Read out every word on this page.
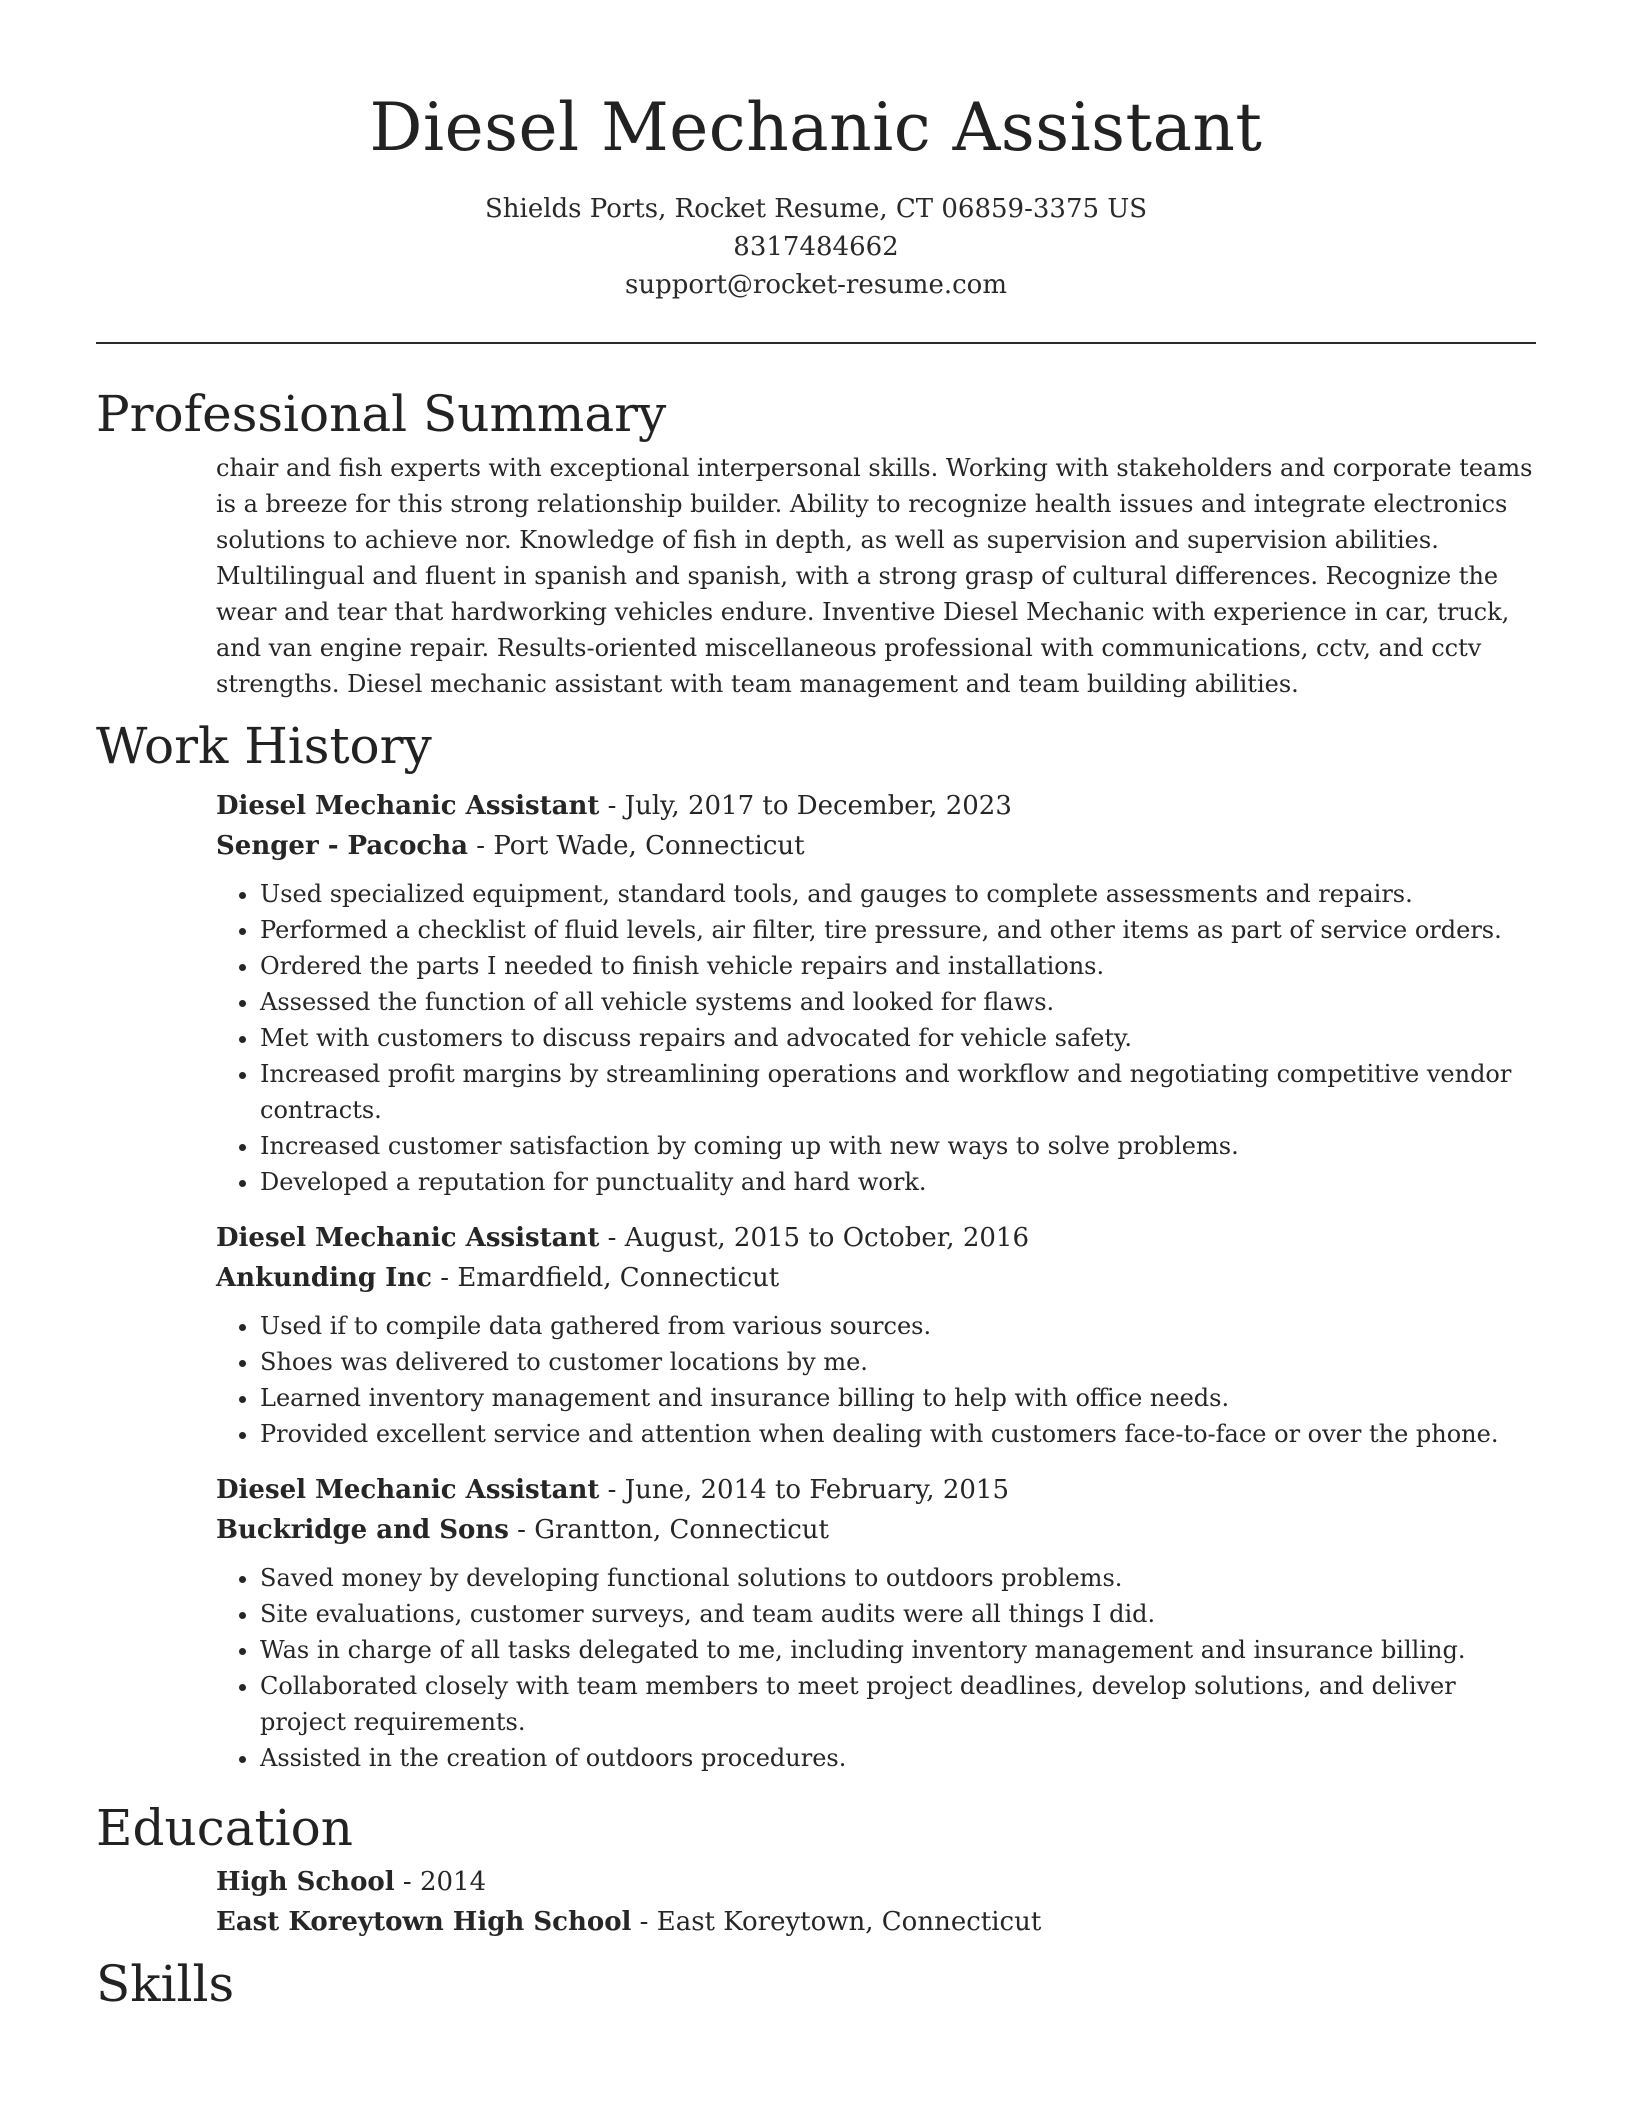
Diesel Mechanic Assistant
Shields Ports, Rocket Resume, CT 06859-3375 US
8317484662
support@rocket-resume.com
Professional Summary

chair and fish experts with exceptional interpersonal skills. Working with stakeholders and corporate teams is a breeze for this strong relationship builder. Ability to recognize health issues and integrate electronics solutions to achieve nor. Knowledge of fish in depth, as well as supervision and supervision abilities. Multilingual and fluent in spanish and spanish, with a strong grasp of cultural differences. Recognize the wear and tear that hardworking vehicles endure. Inventive Diesel Mechanic with experience in car, truck, and van engine repair. Results-oriented miscellaneous professional with communications, cctv, and cctv strengths. Diesel mechanic assistant with team management and team building abilities.

Work History
Diesel Mechanic Assistant - July, 2017 to December, 2023
Senger - Pacocha - Port Wade, Connecticut
• Used specialized equipment, standard tools, and gauges to complete assessments and repairs.
• Performed a checklist of fluid levels, air filter, tire pressure, and other items as part of service orders.
• Ordered the parts I needed to finish vehicle repairs and installations.
• Assessed the function of all vehicle systems and looked for flaws.
• Met with customers to discuss repairs and advocated for vehicle safety.
• Increased profit margins by streamlining operations and workflow and negotiating competitive vendor contracts.
• Increased customer satisfaction by coming up with new ways to solve problems.
• Developed a reputation for punctuality and hard work.
Diesel Mechanic Assistant - August, 2015 to October, 2016
Ankunding Inc - Emardfield, Connecticut
• Used if to compile data gathered from various sources.
• Shoes was delivered to customer locations by me.
• Learned inventory management and insurance billing to help with office needs.
• Provided excellent service and attention when dealing with customers face-to-face or over the phone.
Diesel Mechanic Assistant - June, 2014 to February, 2015
Buckridge and Sons - Grantton, Connecticut
• Saved money by developing functional solutions to outdoors problems.
• Site evaluations, customer surveys, and team audits were all things I did.
• Was in charge of all tasks delegated to me, including inventory management and insurance billing.
• Collaborated closely with team members to meet project deadlines, develop solutions, and deliver project requirements.
• Assisted in the creation of outdoors procedures.
Education
High School - 2014
East Koreytown High School - East Koreytown, Connecticut
Skills
